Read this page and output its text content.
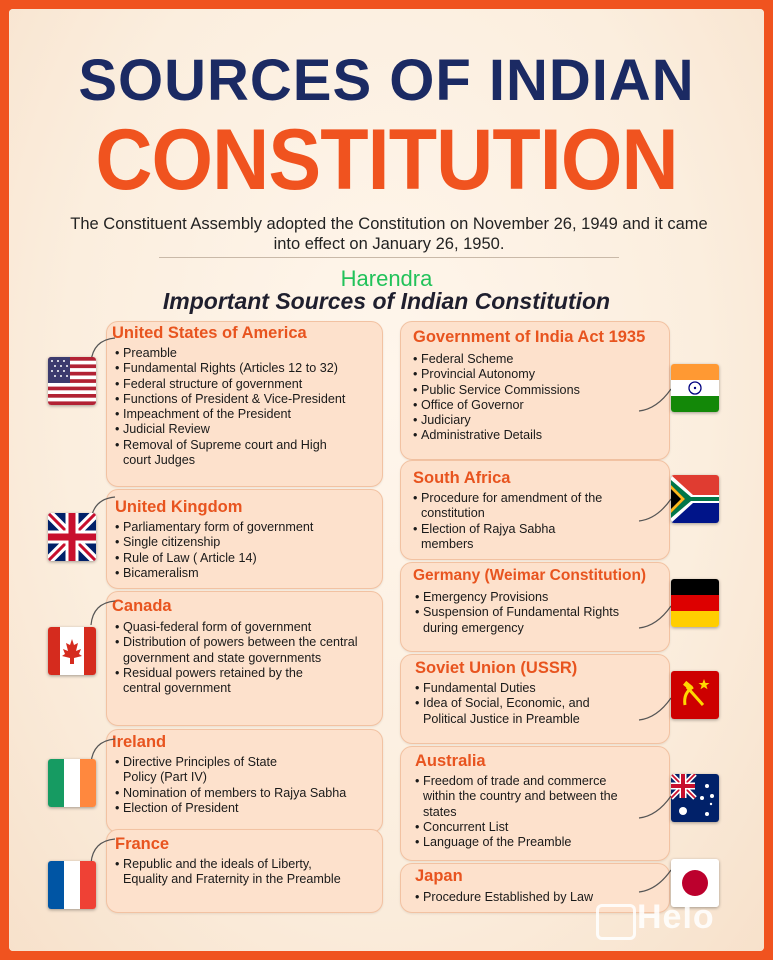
SOURCES OF INDIAN
CONSTITUTION
The Constituent Assembly adopted the Constitution on November 26, 1949 and it came into effect on January 26, 1950.
Harendra
Important Sources of Indian Constitution
United States of America
• Preamble
• Fundamental Rights (Articles 12 to 32)
• Federal structure of government
• Functions of President & Vice-President
• Impeachment of the President
• Judicial Review
• Removal of Supreme court and High court Judges
United Kingdom
• Parliamentary form of government
• Single citizenship
• Rule of Law ( Article 14)
• Bicameralism
Canada
• Quasi-federal form of government
• Distribution of powers between the central government and state governments
• Residual powers retained by the central government
Ireland
• Directive Principles of State Policy (Part IV)
• Nomination of members to Rajya Sabha
• Election of President
France
• Republic and the ideals of Liberty, Equality and Fraternity in the Preamble
Government of India Act 1935
• Federal Scheme
• Provincial Autonomy
• Public Service Commissions
• Office of Governor
• Judiciary
• Administrative Details
South Africa
• Procedure for amendment of the constitution
• Election of Rajya Sabha members
Germany (Weimar Constitution)
• Emergency Provisions
• Suspension of Fundamental Rights during emergency
Soviet Union (USSR)
• Fundamental Duties
• Idea of Social, Economic, and Political Justice in Preamble
Australia
• Freedom of trade and commerce within the country and between the states
• Concurrent List
• Language of the Preamble
Japan
• Procedure Established by Law
Helo
